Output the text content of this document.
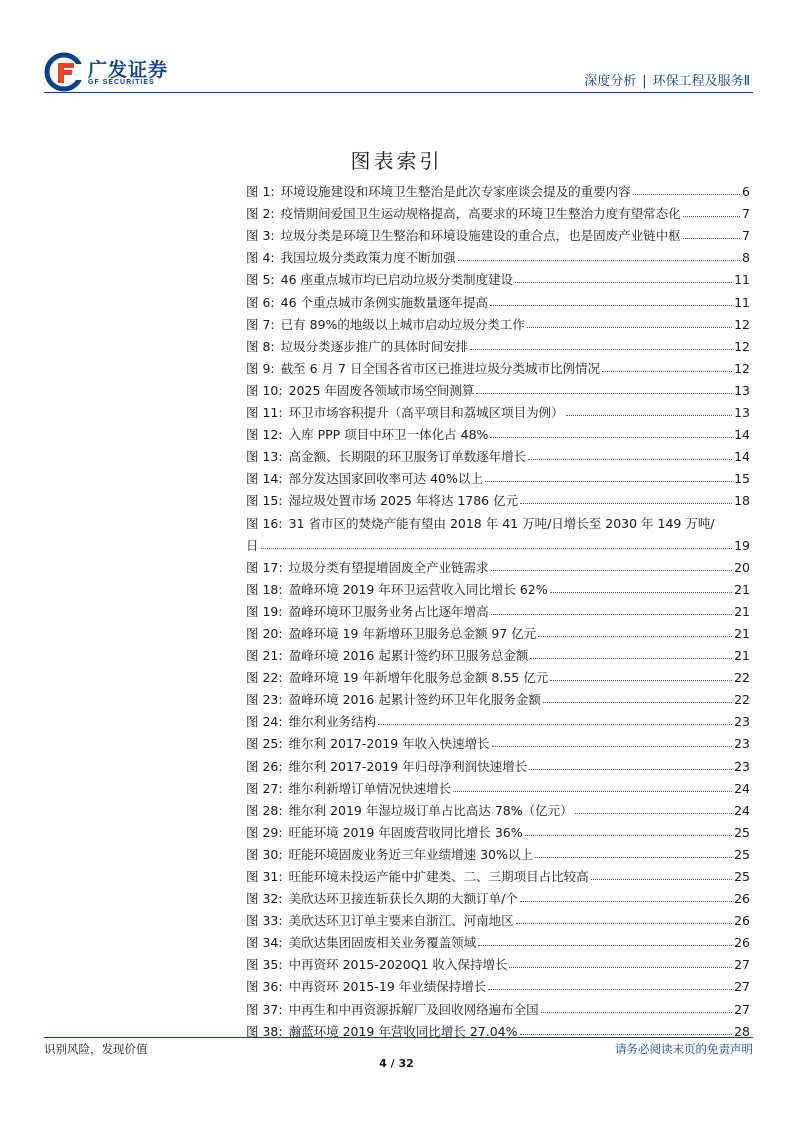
广发证券
GF SECURITIES	深度分析 | 环保工程及服务Ⅱ
图表索引
图 1: 环境设施建设和环境卫生整治是此次专家座谈会提及的重要内容	6
图 2: 疫情期间爱国卫生运动规格提高，高要求的环境卫生整治力度有望常态化	7
图 3: 垃圾分类是环境卫生整治和环境设施建设的重合点，也是固废产业链中枢	7
图 4: 我国垃圾分类政策力度不断加强	8
图 5: 46 座重点城市均已启动垃圾分类制度建设	11
图 6: 46 个重点城市条例实施数量逐年提高	11
图 7: 已有 89%的地级以上城市启动垃圾分类工作	12
图 8: 垃圾分类逐步推广的具体时间安排	12
图 9: 截至 6 月 7 日全国各省市区已推进垃圾分类城市比例情况	12
图 10: 2025 年固废各领域市场空间测算	13
图 11: 环卫市场容积提升（高平项目和荔城区项目为例）	13
图 12: 入库 PPP 项目中环卫一体化占 48%	14
图 13: 高金额、长期限的环卫服务订单数逐年增长	14
图 14: 部分发达国家回收率可达 40%以上	15
图 15: 湿垃圾处置市场 2025 年将达 1786 亿元	18
图 16: 31 省市区的焚烧产能有望由 2018 年 41 万吨/日增长至 2030 年 149 万吨/
日	19
图 17: 垃圾分类有望提增固废全产业链需求	20
图 18: 盈峰环境 2019 年环卫运营收入同比增长 62%	21
图 19: 盈峰环境环卫服务业务占比逐年增高	21
图 20: 盈峰环境 19 年新增环卫服务总金额 97 亿元	21
图 21: 盈峰环境 2016 起累计签约环卫服务总金额	21
图 22: 盈峰环境 19 年新增年化服务总金额 8.55 亿元	22
图 23: 盈峰环境 2016 起累计签约环卫年化服务金额	22
图 24: 维尔利业务结构	23
图 25: 维尔利 2017-2019 年收入快速增长	23
图 26: 维尔利 2017-2019 年归母净利润快速增长	23
图 27: 维尔利新增订单情况快速增长	24
图 28: 维尔利 2019 年湿垃圾订单占比高达 78%（亿元）	24
图 29: 旺能环境 2019 年固废营收同比增长 36%	25
图 30: 旺能环境固废业务近三年业绩增速 30%以上	25
图 31: 旺能环境未投运产能中扩建类、二、三期项目占比较高	25
图 32: 美欣达环卫接连斩获长久期的大额订单/个	26
图 33: 美欣达环卫订单主要来自浙江、河南地区	26
图 34: 美欣达集团固废相关业务覆盖领域	26
图 35: 中再资环 2015-2020Q1 收入保持增长	27
图 36: 中再资环 2015-19 年业绩保持增长	27
图 37: 中再生和中再资源拆解厂及回收网络遍布全国	27
图 38: 瀚蓝环境 2019 年营收同比增长 27.04%	28
识别风险，发现价值	请务必阅读末页的免责声明
4 / 32
